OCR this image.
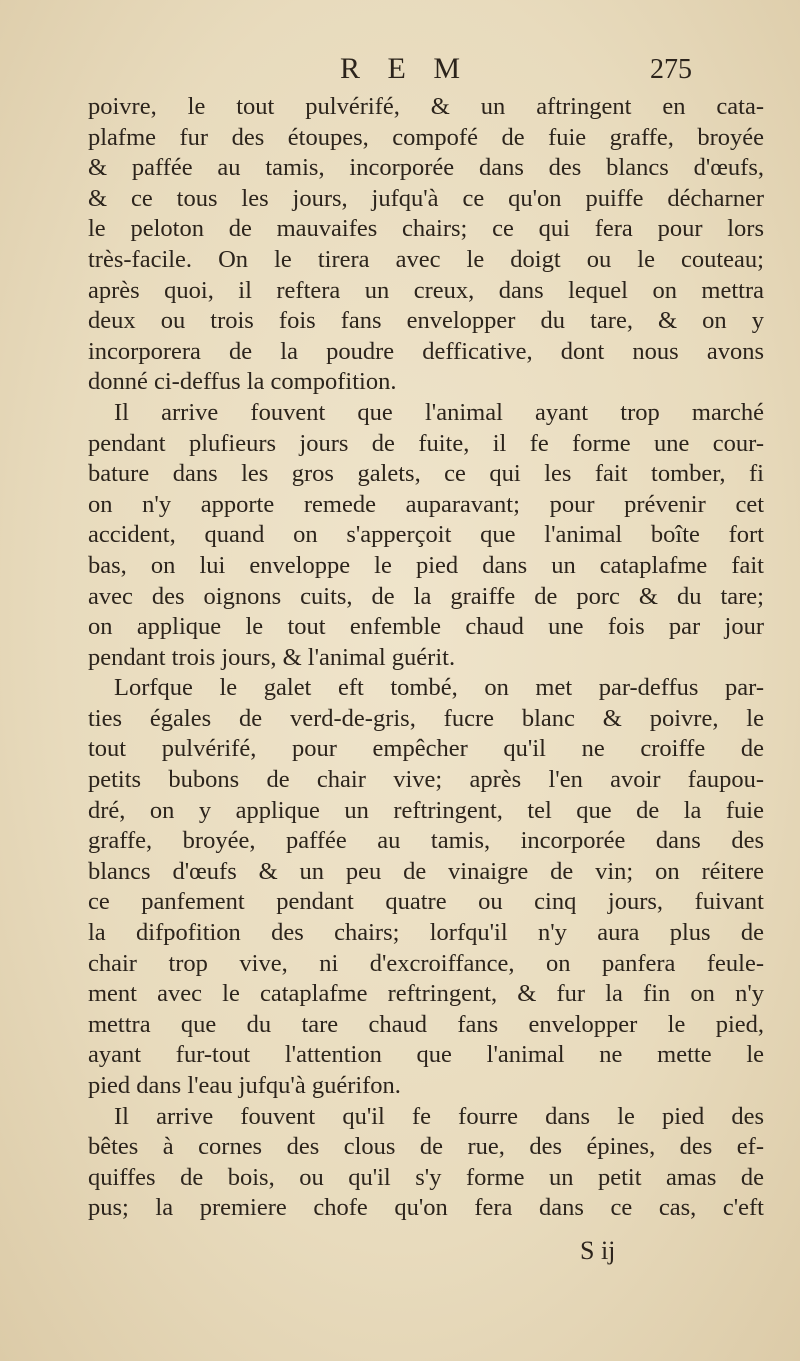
R E M	275
poivre, le tout pulvérifé, & un aftringent en cata-
plafme fur des étoupes, compofé de fuie graffe, broyée
& paffée au tamis, incorporée dans des blancs d'œufs,
& ce tous les jours, jufqu'à ce qu'on puiffe décharner
le peloton de mauvaifes chairs; ce qui fera pour lors
très-facile. On le tirera avec le doigt ou le couteau;
après quoi, il reftera un creux, dans lequel on mettra
deux ou trois fois fans envelopper du tare, & on y
incorporera de la poudre defficative, dont nous avons
donné ci-deffus la compofition.
Il arrive fouvent que l'animal ayant trop marché
pendant plufieurs jours de fuite, il fe forme une cour-
bature dans les gros galets, ce qui les fait tomber, fi
on n'y apporte remede auparavant; pour prévenir cet
accident, quand on s'apperçoit que l'animal boîte fort
bas, on lui enveloppe le pied dans un cataplafme fait
avec des oignons cuits, de la graiffe de porc & du tare;
on applique le tout enfemble chaud une fois par jour
pendant trois jours, & l'animal guérit.
Lorfque le galet eft tombé, on met par-deffus par-
ties égales de verd-de-gris, fucre blanc & poivre, le
tout pulvérifé, pour empêcher qu'il ne croiffe de
petits bubons de chair vive; après l'en avoir faupou-
dré, on y applique un reftringent, tel que de la fuie
graffe, broyée, paffée au tamis, incorporée dans des
blancs d'œufs & un peu de vinaigre de vin; on réitere
ce panfement pendant quatre ou cinq jours, fuivant
la difpofition des chairs; lorfqu'il n'y aura plus de
chair trop vive, ni d'excroiffance, on panfera feule-
ment avec le cataplafme reftringent, & fur la fin on n'y
mettra que du tare chaud fans envelopper le pied,
ayant fur-tout l'attention que l'animal ne mette le
pied dans l'eau jufqu'à guérifon.
Il arrive fouvent qu'il fe fourre dans le pied des
bêtes à cornes des clous de rue, des épines, des ef-
quiffes de bois, ou qu'il s'y forme un petit amas de
pus; la premiere chofe qu'on fera dans ce cas, c'eft
S ij
